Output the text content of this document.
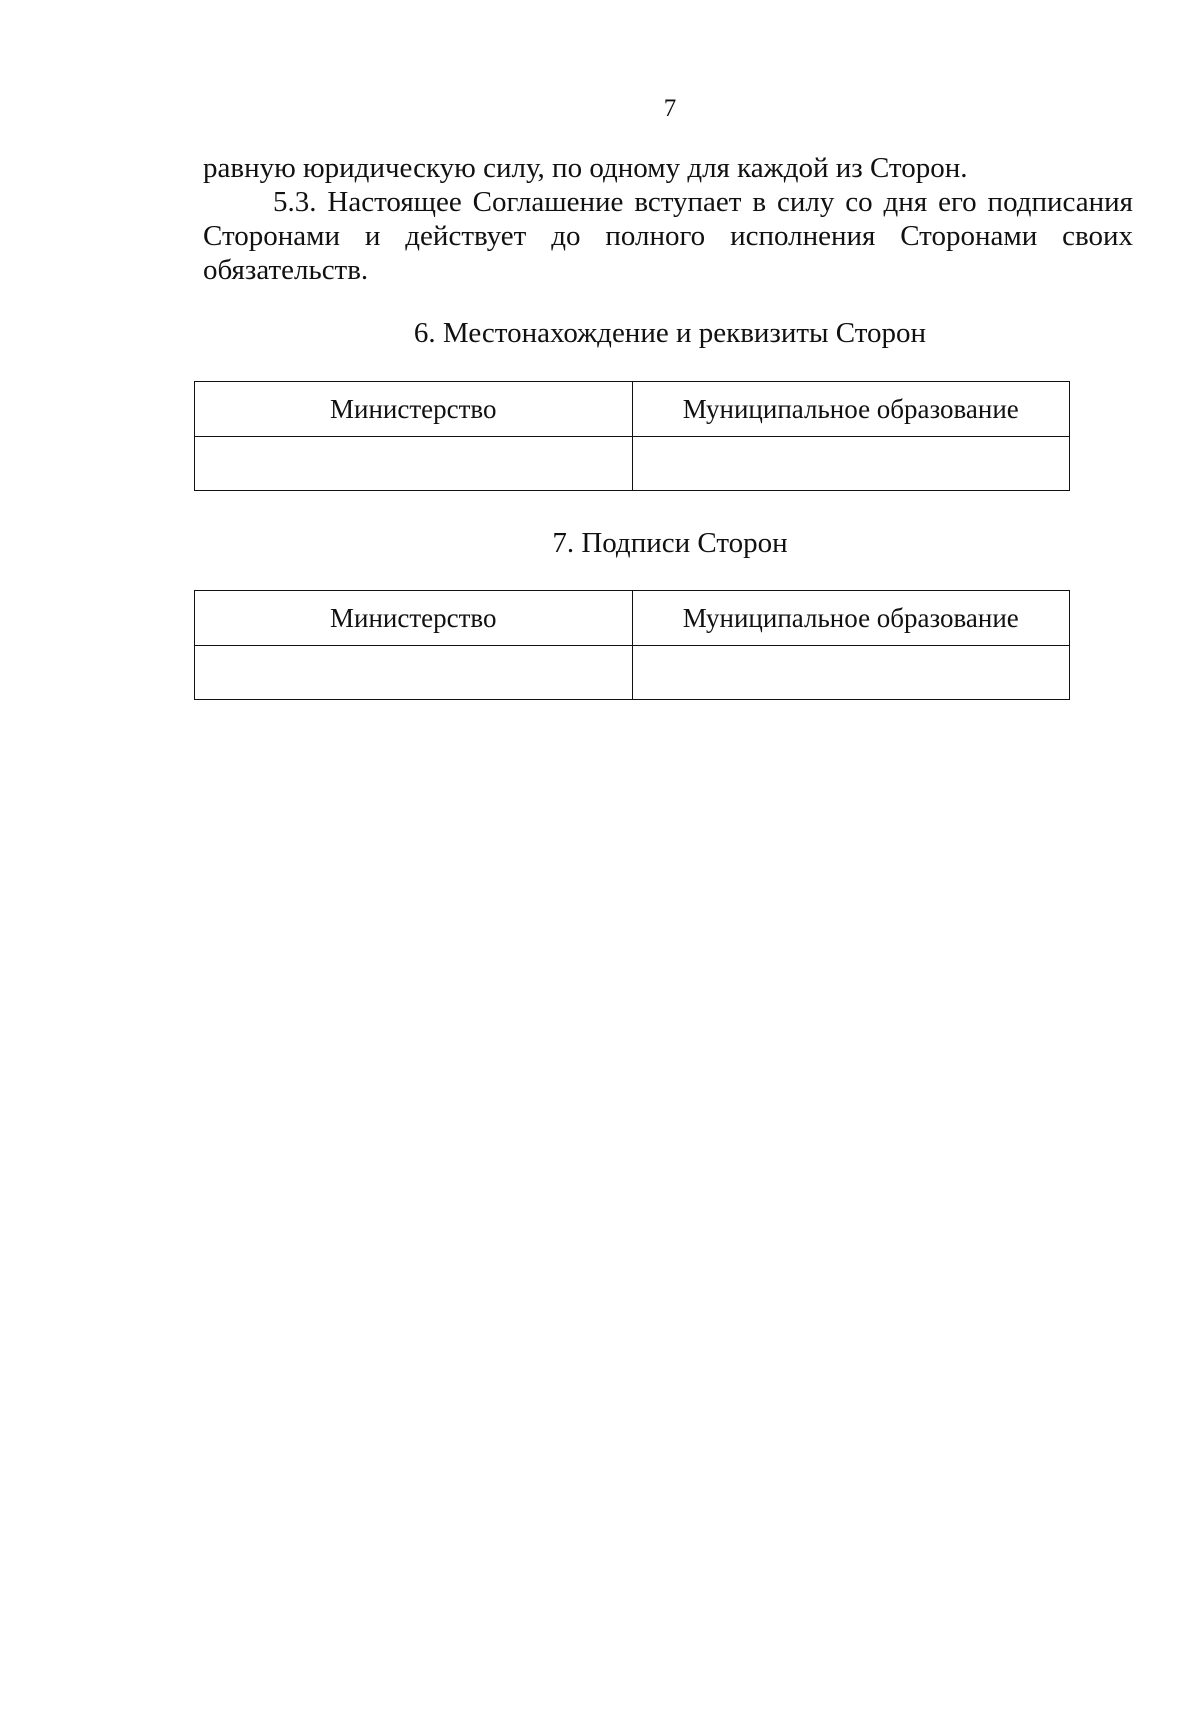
7

равную юридическую силу, по одному для каждой из Сторон.

5.3. Настоящее Соглашение вступает в силу со дня его подписания Сторонами и действует до полного исполнения Сторонами своих обязательств.

6. Местонахождение и реквизиты Сторон
Министерство	Муниципальное образование

7. Подписи Сторон
Министерство	Муниципальное образование
